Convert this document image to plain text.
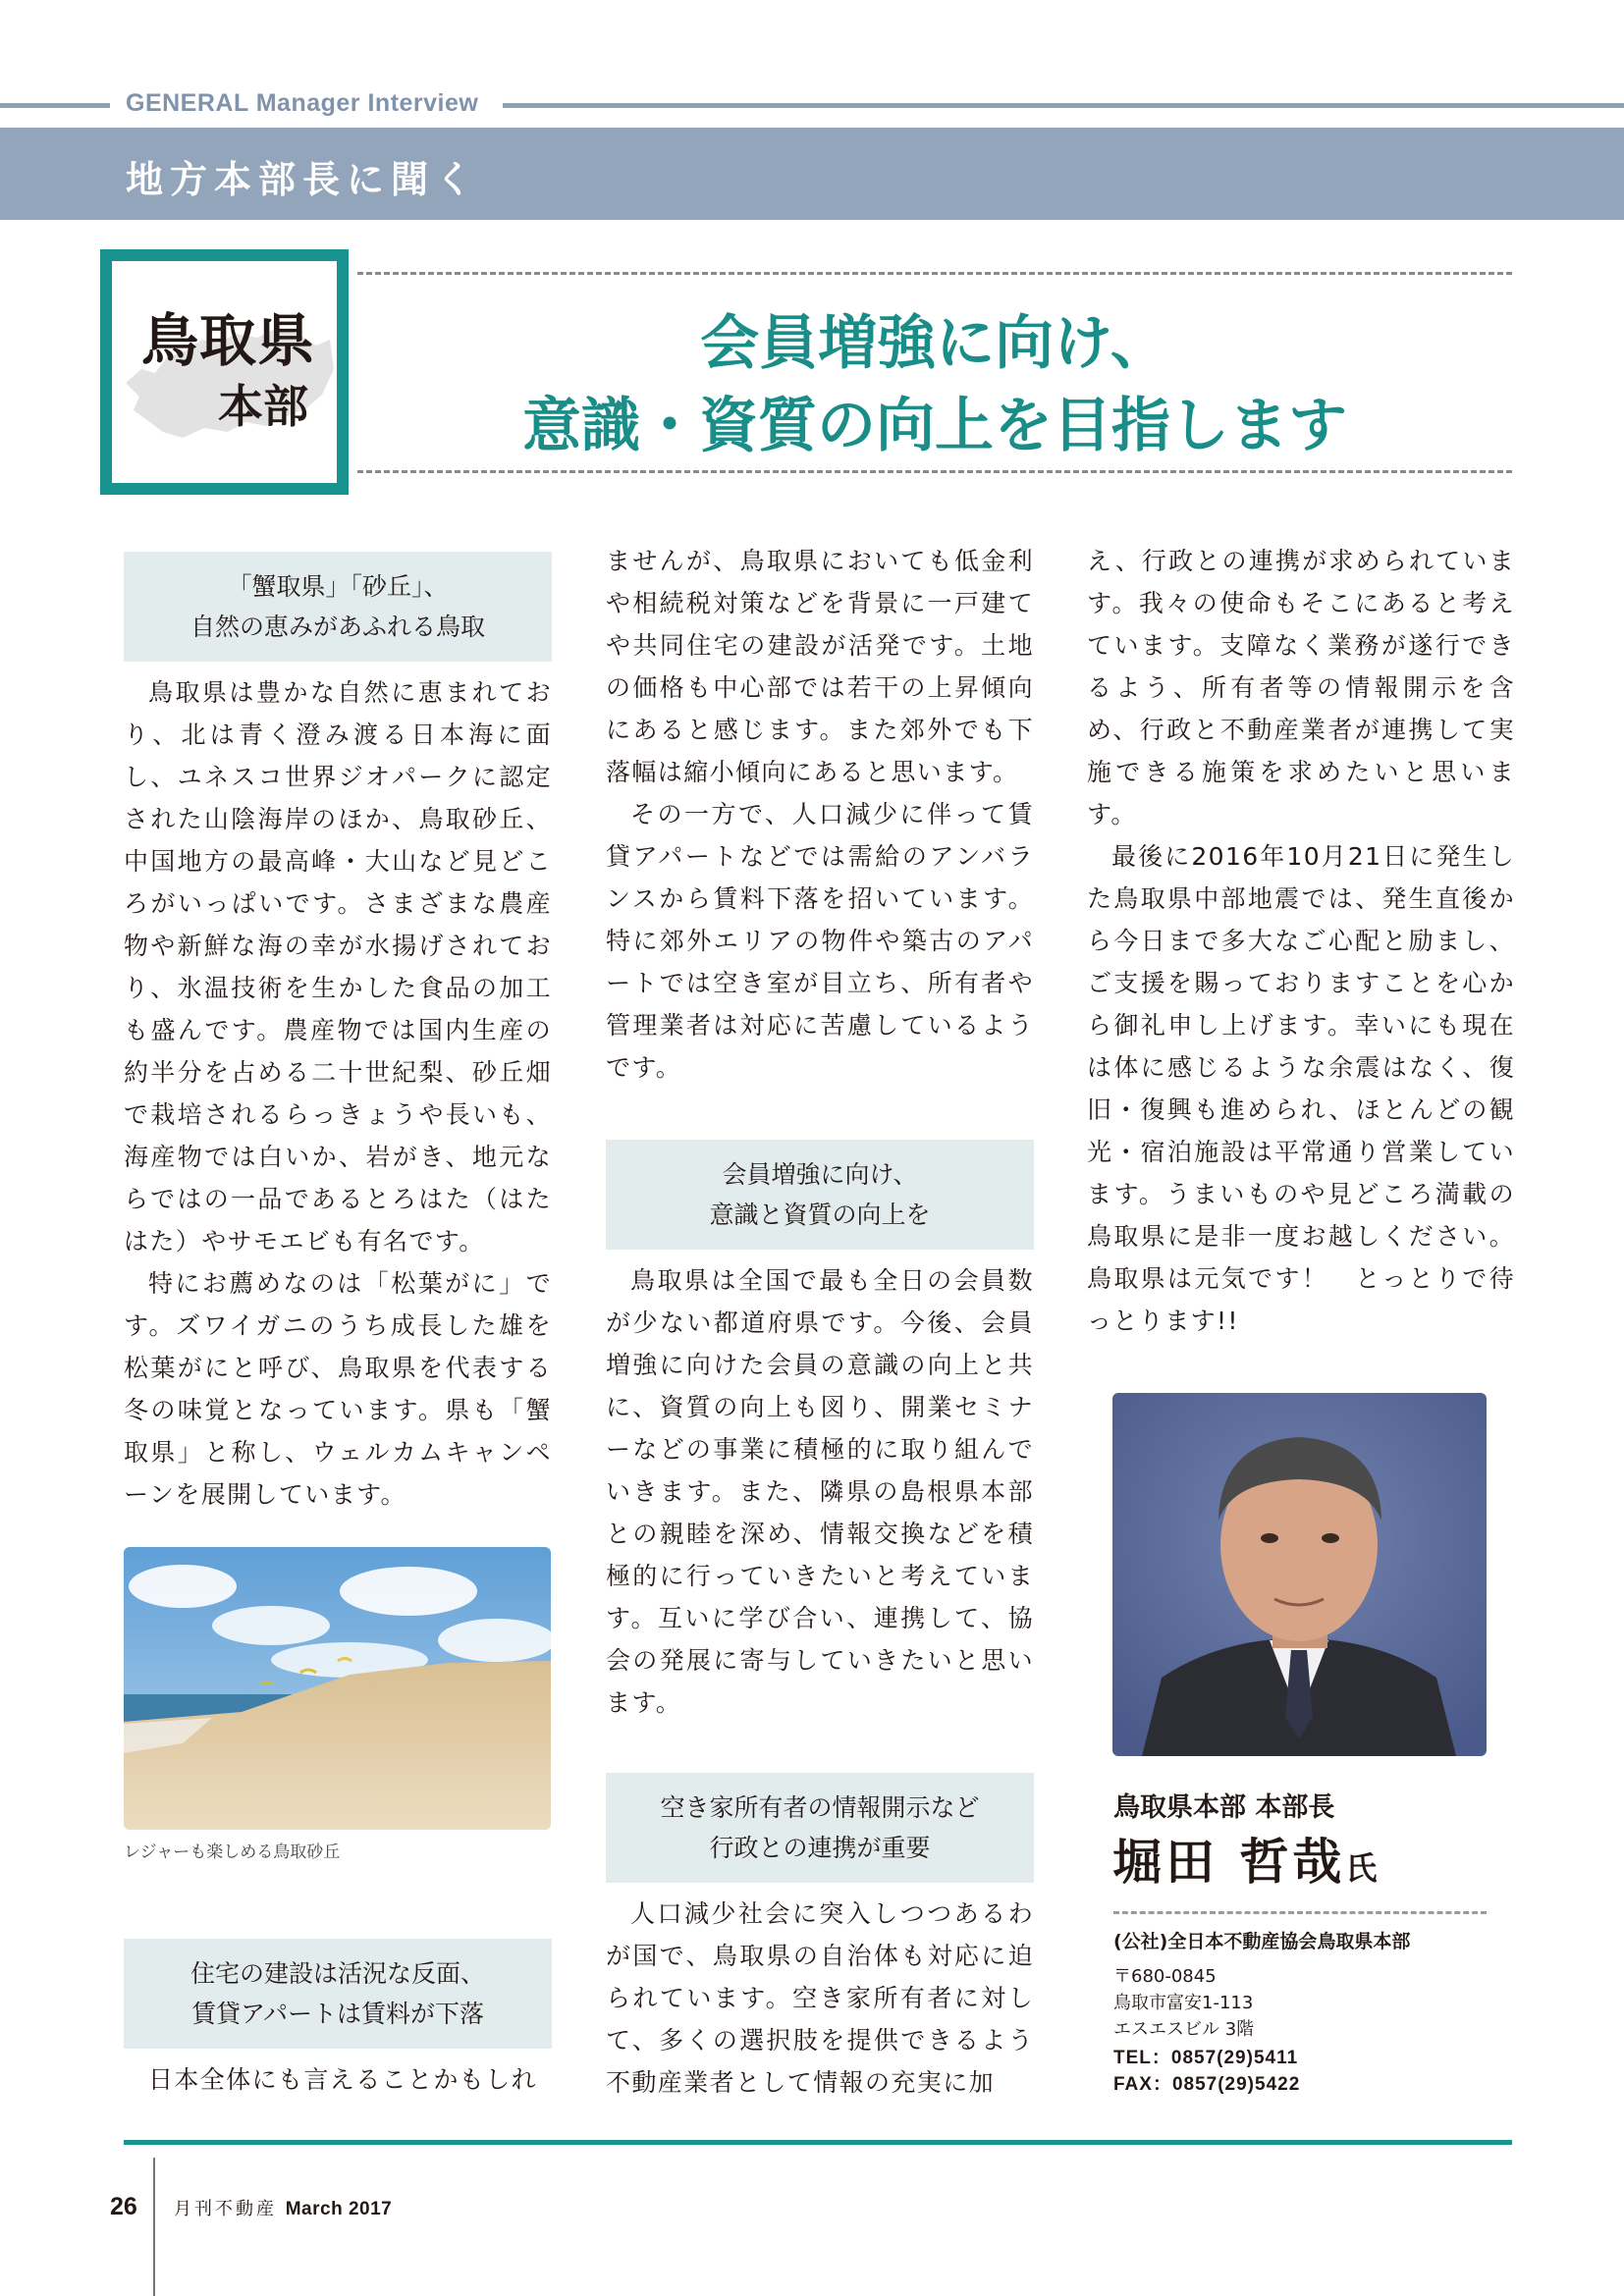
GENERAL Manager Interview
地方本部長に聞く
鳥取県
本部
会員増強に向け、
意識・資質の向上を目指します
「蟹取県」「砂丘」、
自然の恵みがあふれる鳥取

鳥取県は豊かな自然に恵まれており、北は青く澄み渡る日本海に面し、ユネスコ世界ジオパークに認定された山陰海岸のほか、鳥取砂丘、中国地方の最高峰・大山など見どころがいっぱいです。さまざまな農産物や新鮮な海の幸が水揚げされており、氷温技術を生かした食品の加工も盛んです。農産物では国内生産の約半分を占める二十世紀梨、砂丘畑で栽培されるらっきょうや長いも、海産物では白いか、岩がき、地元ならではの一品であるとろはた（はたはた）やサモエビも有名です。

特にお薦めなのは「松葉がに」です。ズワイガニのうち成長した雄を松葉がにと呼び、鳥取県を代表する冬の味覚となっています。県も「蟹取県」と称し、ウェルカムキャンペーンを展開しています。

レジャーも楽しめる鳥取砂丘
住宅の建設は活況な反面、
賃貸アパートは賃料が下落

日本全体にも言えることかもしれ

ませんが、鳥取県においても低金利や相続税対策などを背景に一戸建てや共同住宅の建設が活発です。土地の価格も中心部では若干の上昇傾向にあると感じます。また郊外でも下落幅は縮小傾向にあると思います。

その一方で、人口減少に伴って賃貸アパートなどでは需給のアンバランスから賃料下落を招いています。特に郊外エリアの物件や築古のアパートでは空き室が目立ち、所有者や管理業者は対応に苦慮しているようです。

会員増強に向け、
意識と資質の向上を

鳥取県は全国で最も全日の会員数が少ない都道府県です。今後、会員増強に向けた会員の意識の向上と共に、資質の向上も図り、開業セミナーなどの事業に積極的に取り組んでいきます。また、隣県の島根県本部との親睦を深め、情報交換などを積極的に行っていきたいと考えています。互いに学び合い、連携して、協会の発展に寄与していきたいと思います。

空き家所有者の情報開示など
行政との連携が重要

人口減少社会に突入しつつあるわが国で、鳥取県の自治体も対応に迫られています。空き家所有者に対して、多くの選択肢を提供できるよう不動産業者として情報の充実に加

え、行政との連携が求められています。我々の使命もそこにあると考えています。支障なく業務が遂行できるよう、所有者等の情報開示を含め、行政と不動産業者が連携して実施できる施策を求めたいと思います。

最後に2016年10月21日に発生した鳥取県中部地震では、発生直後から今日まで多大なご心配と励まし、ご支援を賜っておりますことを心から御礼申し上げます。幸いにも現在は体に感じるような余震はなく、復旧・復興も進められ、ほとんどの観光・宿泊施設は平常通り営業しています。うまいものや見どころ満載の鳥取県に是非一度お越しください。鳥取県は元気です！　とっとりで待っとります!!

鳥取県本部 本部長
堀田 哲哉氏
(公社)全日本不動産協会鳥取県本部
〒680-0845
鳥取市富安1-113
エスエスビル 3階
TEL：0857(29)5411
FAX：0857(29)5422
26 月刊不動産 March 2017
